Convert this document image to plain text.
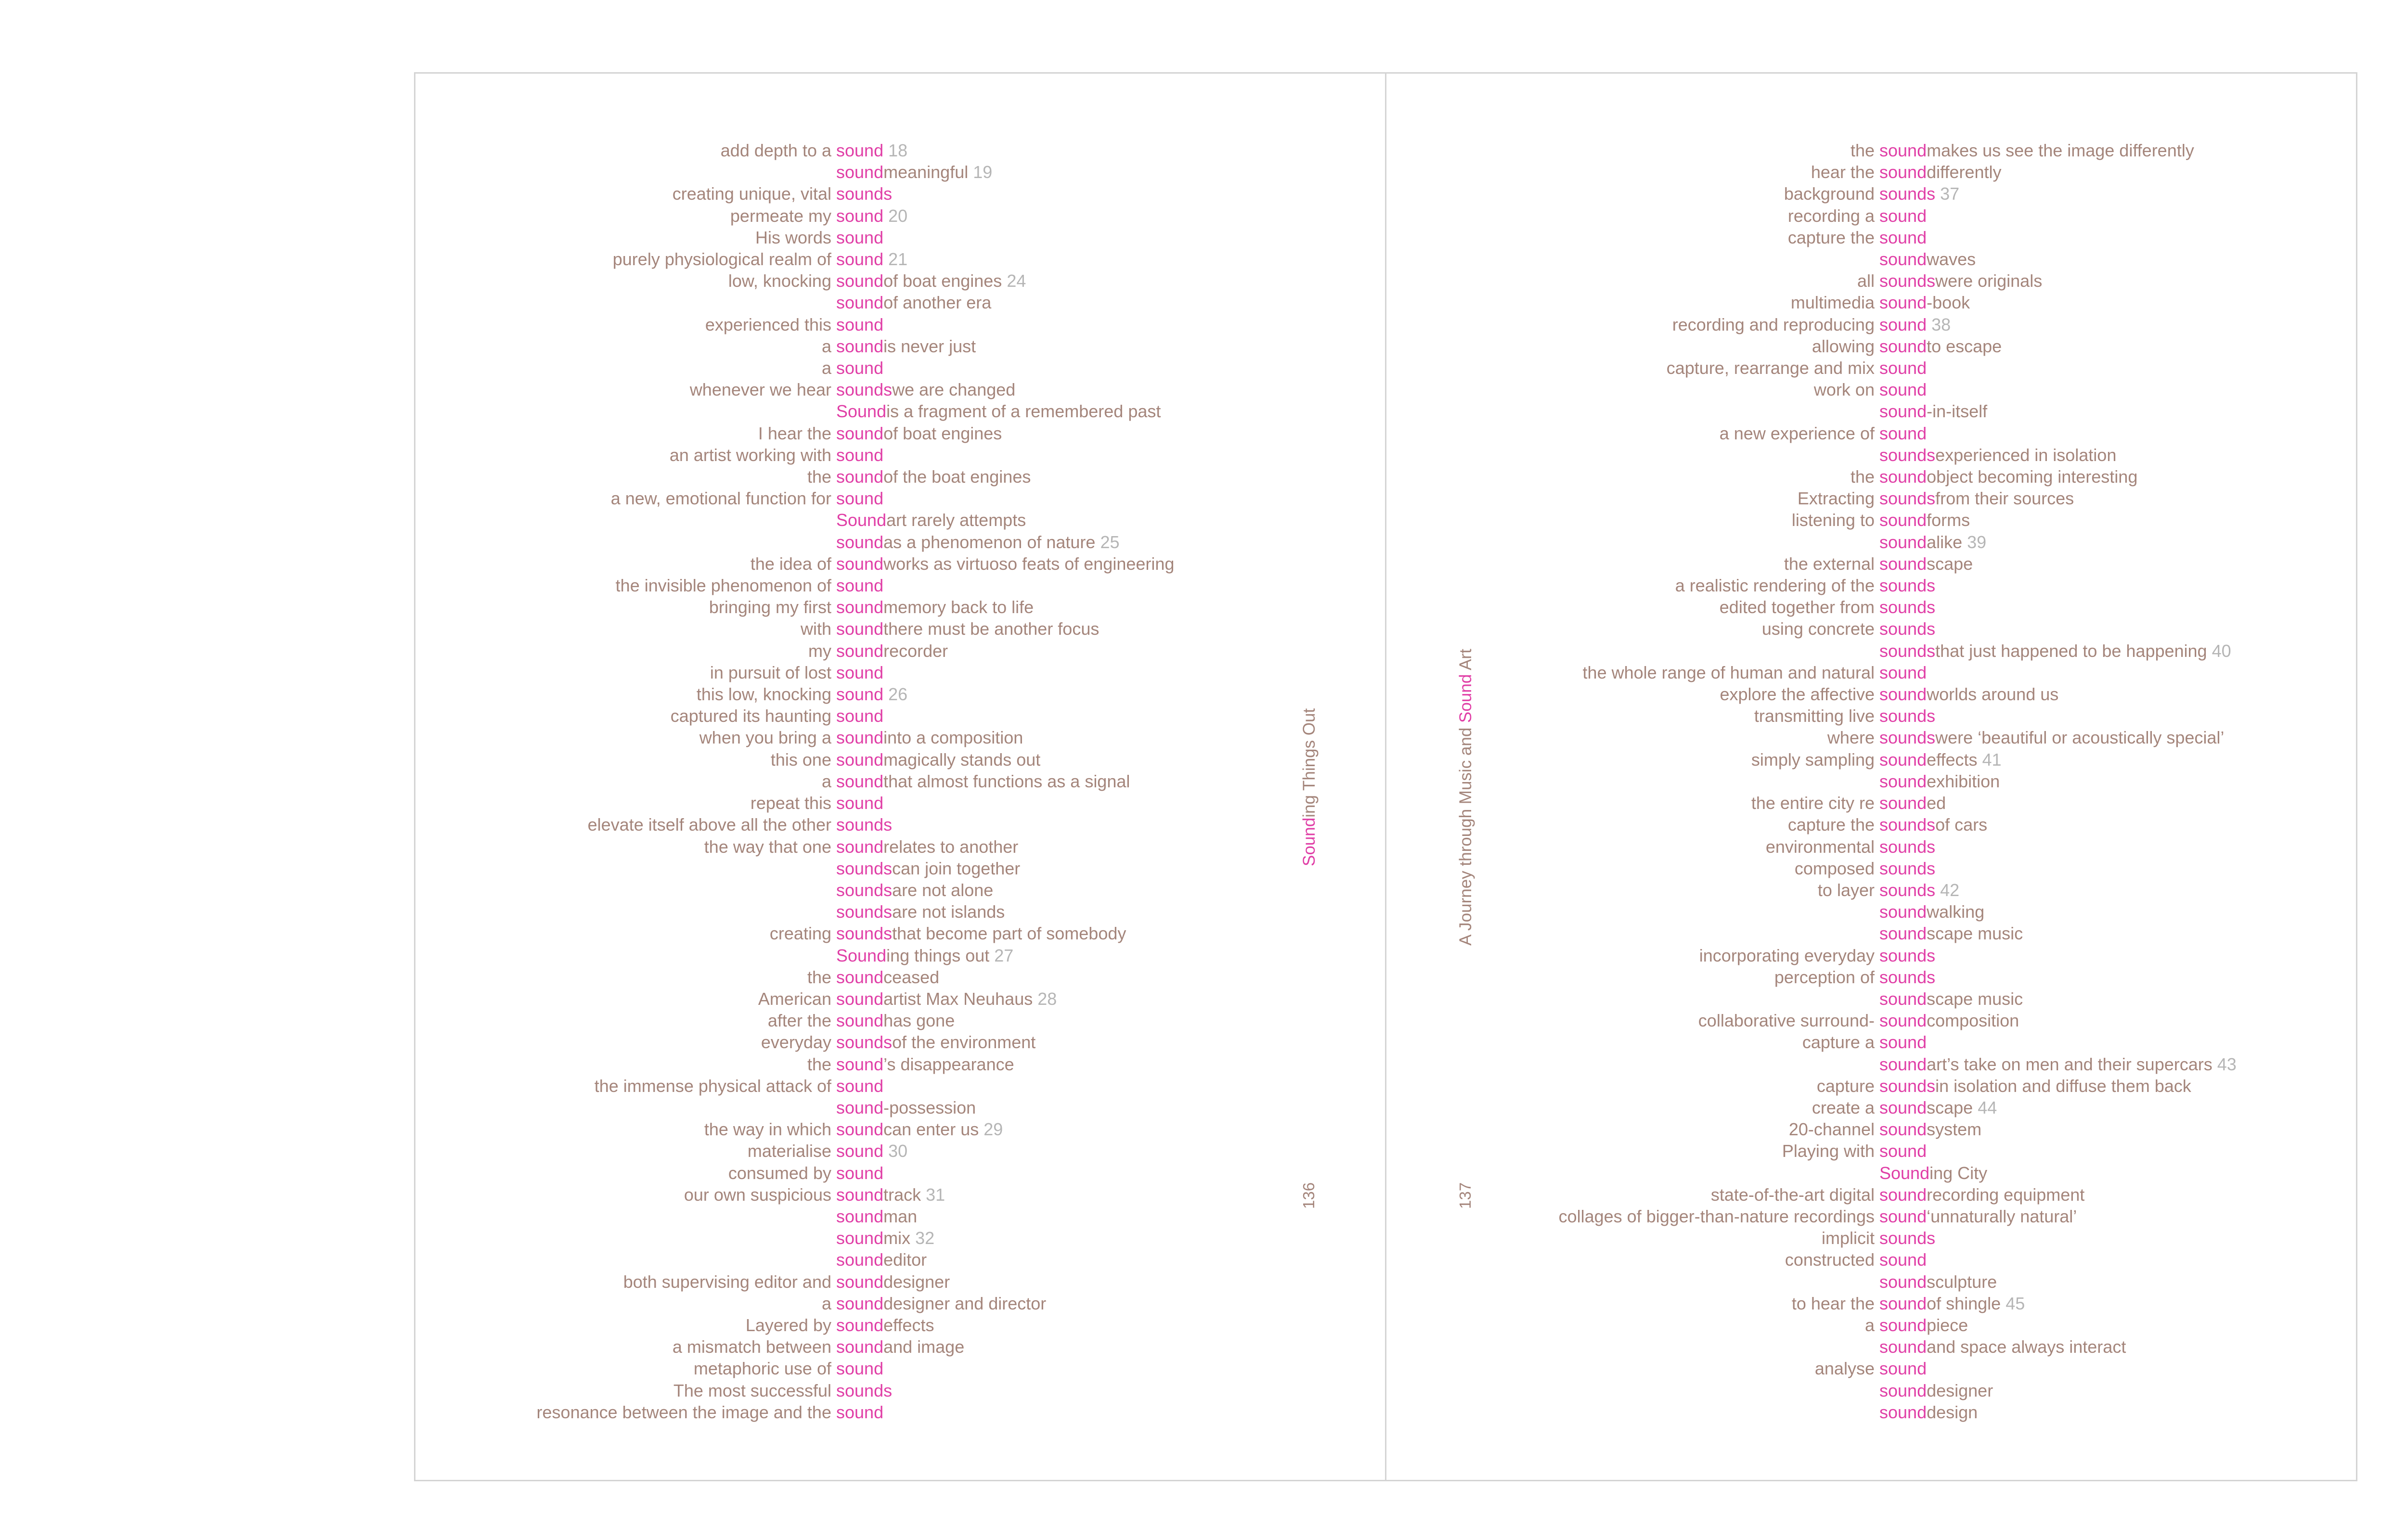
add depth to a sound 18
sound meaningful 19
creating unique, vital sounds
permeate my sound 20
His words sound
purely physiological realm of sound 21
low, knocking sound of boat engines 24
sound of another era
experienced this sound
a sound is never just
a sound
whenever we hear sounds we are changed
Sound is a fragment of a remembered past
I hear the sound of boat engines
an artist working with sound
the sound of the boat engines
a new, emotional function for sound
Sound art rarely attempts
sound as a phenomenon of nature 25
the idea of sound works as virtuoso feats of engineering
the invisible phenomenon of sound
bringing my first sound memory back to life
with sound there must be another focus
my sound recorder
in pursuit of lost sound
this low, knocking sound 26
captured its haunting sound
when you bring a sound into a composition
this one sound magically stands out
a sound that almost functions as a signal
repeat this sound
elevate itself above all the other sounds
the way that one sound relates to another
sounds can join together
sounds are not alone
sounds are not islands
creating sounds that become part of somebody
Sound ing things out 27
the sound ceased
American sound artist Max Neuhaus 28
after the sound has gone
everyday sounds of the environment
the sound ’s disappearance
the immense physical attack of sound
sound -possession
the way in which sound can enter us 29
materialise sound 30
consumed by sound
our own suspicious sound track 31
sound man
sound mix 32
sound editor
both supervising editor and sound designer
a sound designer and director
Layered by sound effects
a mismatch between sound and image
metaphoric use of sound
The most successful sounds
resonance between the image and the sound
the sound makes us see the image differently
hear the sound differently
background sounds 37
recording a sound
capture the sound
sound waves
all sounds were originals
multimedia sound -book
recording and reproducing sound 38
allowing sound to escape
capture, rearrange and mix sound
work on sound
sound -in-itself
a new experience of sound
sounds experienced in isolation
the sound object becoming interesting
Extracting sounds from their sources
listening to sound forms
sound alike 39
the external sound scape
a realistic rendering of the sounds
edited together from sounds
using concrete sounds
sounds that just happened to be happening 40
the whole range of human and natural sound
explore the affective sound worlds around us
transmitting live sounds
where sounds were ‘beautiful or acoustically special’
simply sampling sound effects 41
sound exhibition
the entire city re sound ed
capture the sounds of cars
environmental sounds
composed sounds
to layer sounds 42
sound walking
sound scape music
incorporating everyday sounds
perception of sounds
sound scape music
collaborative surround- sound composition
capture a sound
sound art’s take on men and their supercars 43
capture sounds in isolation and diffuse them back
create a sound scape 44
20-channel sound system
Playing with sound
Sound ing City
state-of-the-art digital sound recording equipment
collages of bigger-than-nature recordings sound ‘unnaturally natural’
implicit sounds
constructed sound
sound sculpture
to hear the sound of shingle 45
a sound piece
sound and space always interact
analyse sound
sound designer
sound design
Sounding Things Out	A Journey through Music and Sound Art
136	137
